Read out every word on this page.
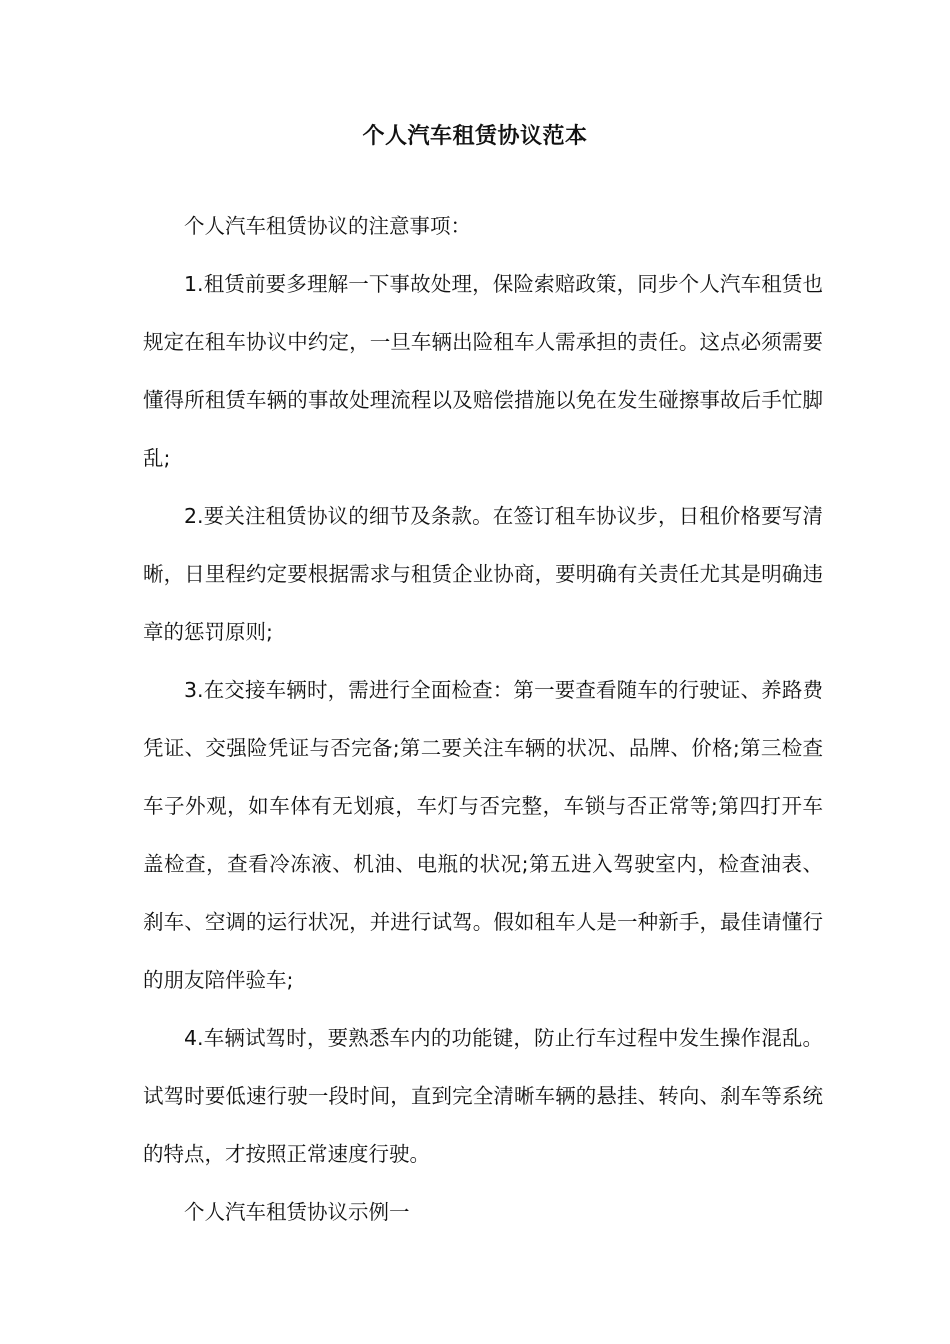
个人汽车租赁协议范本

个人汽车租赁协议的注意事项：

1.租赁前要多理解一下事故处理，保险索赔政策，同步个人汽车租赁也规定在租车协议中约定，一旦车辆出险租车人需承担的责任。这点必须需要懂得所租赁车辆的事故处理流程以及赔偿措施以免在发生碰擦事故后手忙脚乱;

2.要关注租赁协议的细节及条款。在签订租车协议步，日租价格要写清晰，日里程约定要根据需求与租赁企业协商，要明确有关责任尤其是明确违章的惩罚原则;

3.在交接车辆时，需进行全面检查：第一要查看随车的行驶证、养路费凭证、交强险凭证与否完备;第二要关注车辆的状况、品牌、价格;第三检查车子外观，如车体有无划痕，车灯与否完整，车锁与否正常等;第四打开车盖检查，查看冷冻液、机油、电瓶的状况;第五进入驾驶室内，检查油表、刹车、空调的运行状况，并进行试驾。假如租车人是一种新手，最佳请懂行的朋友陪伴验车;

4.车辆试驾时，要熟悉车内的功能键，防止行车过程中发生操作混乱。试驾时要低速行驶一段时间，直到完全清晰车辆的悬挂、转向、刹车等系统的特点，才按照正常速度行驶。

个人汽车租赁协议示例一
